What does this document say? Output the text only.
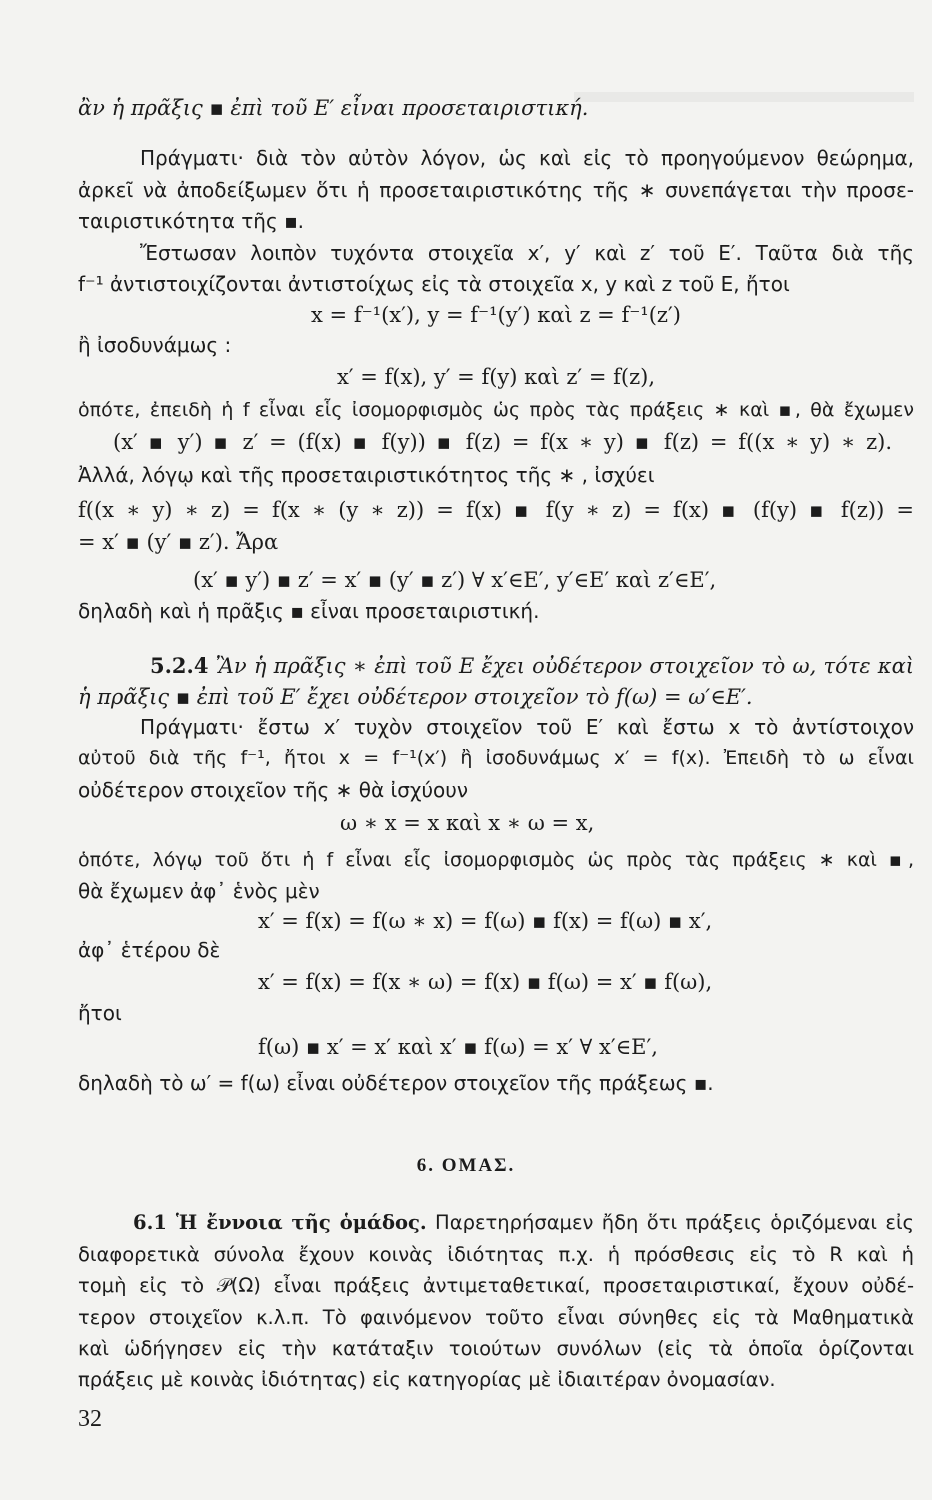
ἂν ἡ πρᾶξις ▪ ἐπὶ τοῦ Ε′ εἶναι προσεταιριστική.
Πράγματι· διὰ τὸν αὐτὸν λόγον, ὡς καὶ εἰς τὸ προηγούμενον θεώρημα,
ἀρκεῖ νὰ ἀποδείξωμεν ὅτι ἡ προσεταιριστικότης τῆς ∗ συνεπάγεται τὴν προσε-
ταιριστικότητα τῆς ▪.
Ἔστωσαν λοιπὸν τυχόντα στοιχεῖα x′, y′ καὶ z′ τοῦ E′. Ταῦτα διὰ τῆς
f⁻¹ ἀντιστοιχίζονται ἀντιστοίχως εἰς τὰ στοιχεῖα x, y καὶ z τοῦ E, ἤτοι
x = f⁻¹(x′), y = f⁻¹(y′) καὶ z = f⁻¹(z′)
ἢ ἰσοδυνάμως :
x′ = f(x), y′ = f(y) καὶ z′ = f(z),
ὁπότε, ἐπειδὴ ἡ f εἶναι εἷς ἰσομορφισμὸς ὡς πρὸς τὰς πράξεις ∗ καὶ ▪, θὰ ἔχωμεν
(x′ ▪ y′) ▪ z′ = (f(x) ▪ f(y)) ▪ f(z) = f(x ∗ y) ▪ f(z) = f((x ∗ y) ∗ z).
Ἀλλά, λόγῳ καὶ τῆς προσεταιριστικότητος τῆς ∗ , ἰσχύει
f((x ∗ y) ∗ z) = f(x ∗ (y ∗ z)) = f(x) ▪ f(y ∗ z) = f(x) ▪ (f(y) ▪ f(z)) =
= x′ ▪ (y′ ▪ z′). Ἄρα
(x′ ▪ y′) ▪ z′ = x′ ▪ (y′ ▪ z′) ∀ x′∈E′, y′∈E′ καὶ z′∈E′,
δηλαδὴ καὶ ἡ πρᾶξις ▪ εἶναι προσεταιριστική.
5.2.4 Ἂν ἡ πρᾶξις ∗ ἐπὶ τοῦ E ἔχει οὐδέτερον στοιχεῖον τὸ ω, τότε καὶ
ἡ πρᾶξις ▪ ἐπὶ τοῦ E′ ἔχει οὐδέτερον στοιχεῖον τὸ f(ω) = ω′∈E′.
Πράγματι· ἔστω x′ τυχὸν στοιχεῖον τοῦ E′ καὶ ἔστω x τὸ ἀντίστοιχον
αὐτοῦ διὰ τῆς f⁻¹, ἤτοι x = f⁻¹(x′) ἢ ἰσοδυνάμως x′ = f(x). Ἐπειδὴ τὸ ω εἶναι
οὐδέτερον στοιχεῖον τῆς ∗ θὰ ἰσχύουν
ω ∗ x = x καὶ x ∗ ω = x,
ὁπότε, λόγῳ τοῦ ὅτι ἡ f εἶναι εἷς ἰσομορφισμὸς ὡς πρὸς τὰς πράξεις ∗ καὶ ▪,
θὰ ἔχωμεν ἀφ᾽ ἑνὸς μὲν
x′ = f(x) = f(ω ∗ x) = f(ω) ▪ f(x) = f(ω) ▪ x′,
ἀφ᾽ ἑτέρου δὲ
x′ = f(x) = f(x ∗ ω) = f(x) ▪ f(ω) = x′ ▪ f(ω),
ἤτοι
f(ω) ▪ x′ = x′ καὶ x′ ▪ f(ω) = x′ ∀ x′∈E′,
δηλαδὴ τὸ ω′ = f(ω) εἶναι οὐδέτερον στοιχεῖον τῆς πράξεως ▪.
6. ΟΜΑΣ.
6.1 Ἡ ἔννοια τῆς ὁμάδος. Παρετηρήσαμεν ἤδη ὅτι πράξεις ὁριζόμεναι εἰς
διαφορετικὰ σύνολα ἔχουν κοινὰς ἰδιότητας π.χ. ἡ πρόσθεσις εἰς τὸ R καὶ ἡ
τομὴ εἰς τὸ 𝒫(Ω) εἶναι πράξεις ἀντιμεταθετικαί, προσεταιριστικαί, ἔχουν οὐδέ-
τερον στοιχεῖον κ.λ.π. Τὸ φαινόμενον τοῦτο εἶναι σύνηθες εἰς τὰ Μαθηματικὰ
καὶ ὡδήγησεν εἰς τὴν κατάταξιν τοιούτων συνόλων (εἰς τὰ ὁποῖα ὁρίζονται
πράξεις μὲ κοινὰς ἰδιότητας) εἰς κατηγορίας μὲ ἰδιαιτέραν ὀνομασίαν.
32
